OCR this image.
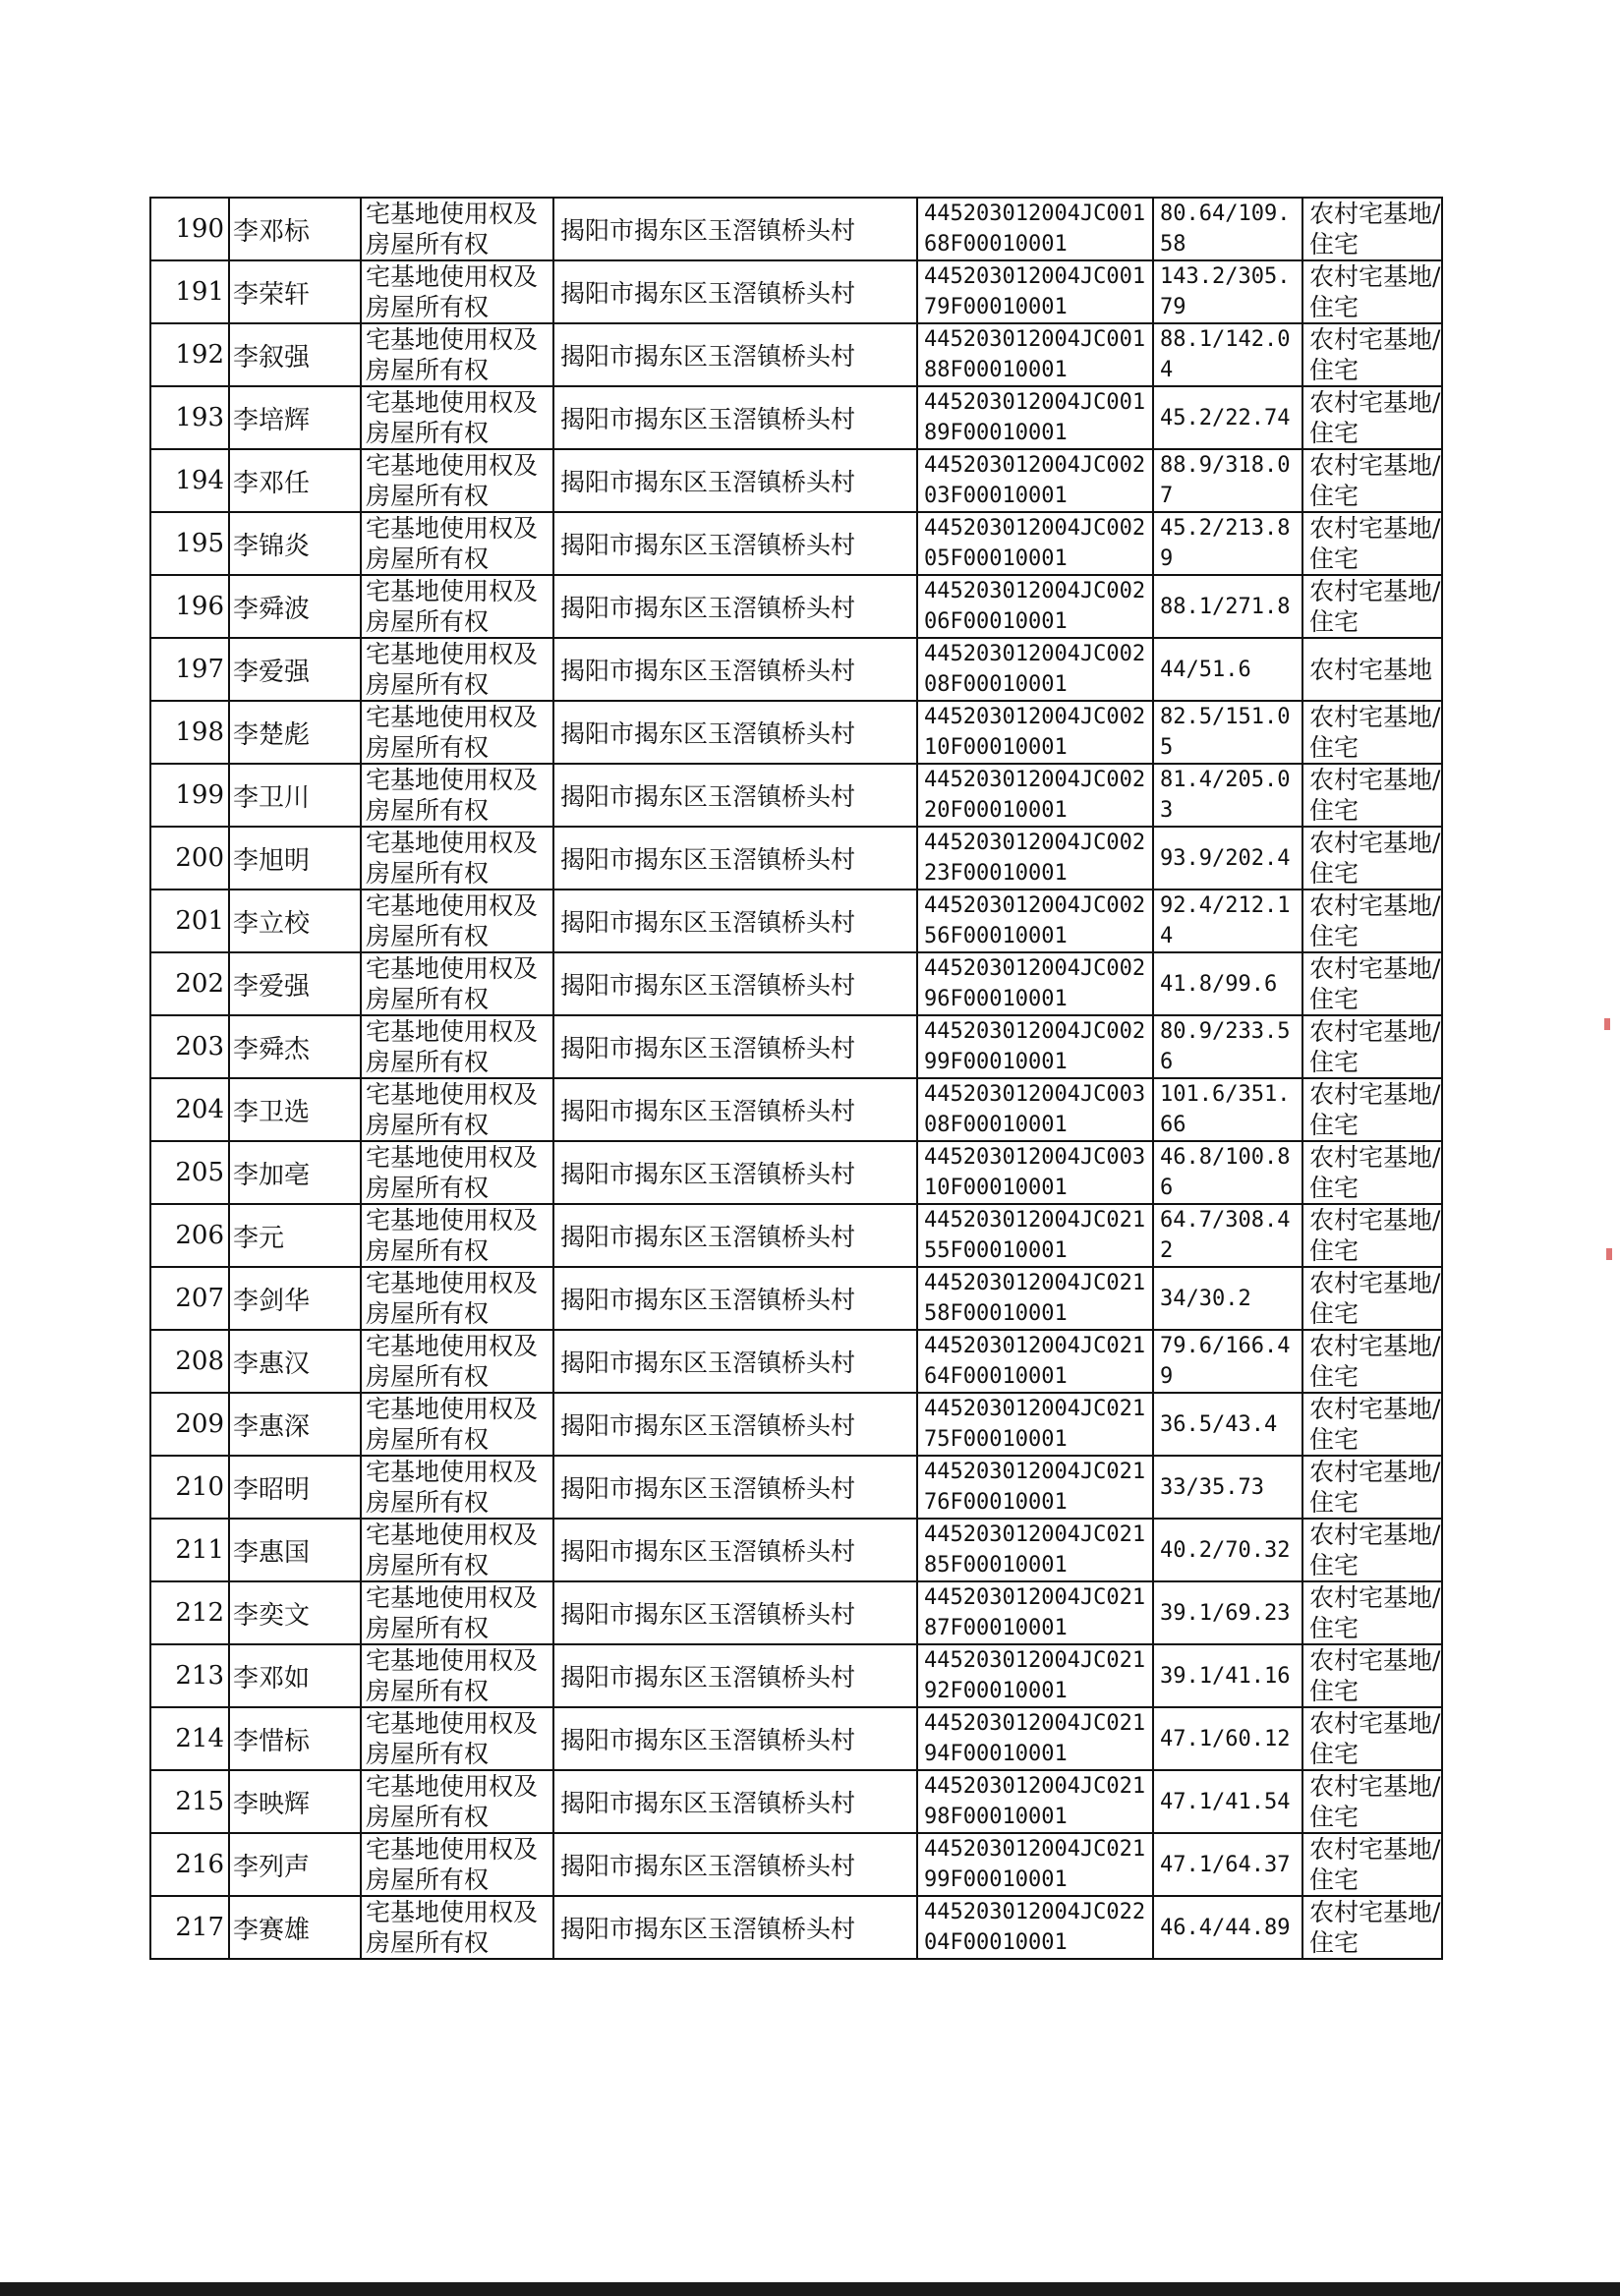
190	李邓标	宅基地使用权及房屋所有权	揭阳市揭东区玉滘镇桥头村	445203012004JC00168F00010001	80.64/109.58	农村宅基地/住宅
191	李荣轩	宅基地使用权及房屋所有权	揭阳市揭东区玉滘镇桥头村	445203012004JC00179F00010001	143.2/305.79	农村宅基地/住宅
192	李叙强	宅基地使用权及房屋所有权	揭阳市揭东区玉滘镇桥头村	445203012004JC00188F00010001	88.1/142.04	农村宅基地/住宅
193	李培辉	宅基地使用权及房屋所有权	揭阳市揭东区玉滘镇桥头村	445203012004JC00189F00010001	45.2/22.74	农村宅基地/住宅
194	李邓任	宅基地使用权及房屋所有权	揭阳市揭东区玉滘镇桥头村	445203012004JC00203F00010001	88.9/318.07	农村宅基地/住宅
195	李锦炎	宅基地使用权及房屋所有权	揭阳市揭东区玉滘镇桥头村	445203012004JC00205F00010001	45.2/213.89	农村宅基地/住宅
196	李舜波	宅基地使用权及房屋所有权	揭阳市揭东区玉滘镇桥头村	445203012004JC00206F00010001	88.1/271.8	农村宅基地/住宅
197	李爱强	宅基地使用权及房屋所有权	揭阳市揭东区玉滘镇桥头村	445203012004JC00208F00010001	44/51.6	农村宅基地
198	李楚彪	宅基地使用权及房屋所有权	揭阳市揭东区玉滘镇桥头村	445203012004JC00210F00010001	82.5/151.05	农村宅基地/住宅
199	李卫川	宅基地使用权及房屋所有权	揭阳市揭东区玉滘镇桥头村	445203012004JC00220F00010001	81.4/205.03	农村宅基地/住宅
200	李旭明	宅基地使用权及房屋所有权	揭阳市揭东区玉滘镇桥头村	445203012004JC00223F00010001	93.9/202.4	农村宅基地/住宅
201	李立校	宅基地使用权及房屋所有权	揭阳市揭东区玉滘镇桥头村	445203012004JC00256F00010001	92.4/212.14	农村宅基地/住宅
202	李爱强	宅基地使用权及房屋所有权	揭阳市揭东区玉滘镇桥头村	445203012004JC00296F00010001	41.8/99.6	农村宅基地/住宅
203	李舜杰	宅基地使用权及房屋所有权	揭阳市揭东区玉滘镇桥头村	445203012004JC00299F00010001	80.9/233.56	农村宅基地/住宅
204	李卫选	宅基地使用权及房屋所有权	揭阳市揭东区玉滘镇桥头村	445203012004JC00308F00010001	101.6/351.66	农村宅基地/住宅
205	李加亳	宅基地使用权及房屋所有权	揭阳市揭东区玉滘镇桥头村	445203012004JC00310F00010001	46.8/100.86	农村宅基地/住宅
206	李元	宅基地使用权及房屋所有权	揭阳市揭东区玉滘镇桥头村	445203012004JC02155F00010001	64.7/308.42	农村宅基地/住宅
207	李剑华	宅基地使用权及房屋所有权	揭阳市揭东区玉滘镇桥头村	445203012004JC02158F00010001	34/30.2	农村宅基地/住宅
208	李惠汉	宅基地使用权及房屋所有权	揭阳市揭东区玉滘镇桥头村	445203012004JC02164F00010001	79.6/166.49	农村宅基地/住宅
209	李惠深	宅基地使用权及房屋所有权	揭阳市揭东区玉滘镇桥头村	445203012004JC02175F00010001	36.5/43.4	农村宅基地/住宅
210	李昭明	宅基地使用权及房屋所有权	揭阳市揭东区玉滘镇桥头村	445203012004JC02176F00010001	33/35.73	农村宅基地/住宅
211	李惠国	宅基地使用权及房屋所有权	揭阳市揭东区玉滘镇桥头村	445203012004JC02185F00010001	40.2/70.32	农村宅基地/住宅
212	李奕文	宅基地使用权及房屋所有权	揭阳市揭东区玉滘镇桥头村	445203012004JC02187F00010001	39.1/69.23	农村宅基地/住宅
213	李邓如	宅基地使用权及房屋所有权	揭阳市揭东区玉滘镇桥头村	445203012004JC02192F00010001	39.1/41.16	农村宅基地/住宅
214	李惜标	宅基地使用权及房屋所有权	揭阳市揭东区玉滘镇桥头村	445203012004JC02194F00010001	47.1/60.12	农村宅基地/住宅
215	李映辉	宅基地使用权及房屋所有权	揭阳市揭东区玉滘镇桥头村	445203012004JC02198F00010001	47.1/41.54	农村宅基地/住宅
216	李列声	宅基地使用权及房屋所有权	揭阳市揭东区玉滘镇桥头村	445203012004JC02199F00010001	47.1/64.37	农村宅基地/住宅
217	李赛雄	宅基地使用权及房屋所有权	揭阳市揭东区玉滘镇桥头村	445203012004JC02204F00010001	46.4/44.89	农村宅基地/住宅
